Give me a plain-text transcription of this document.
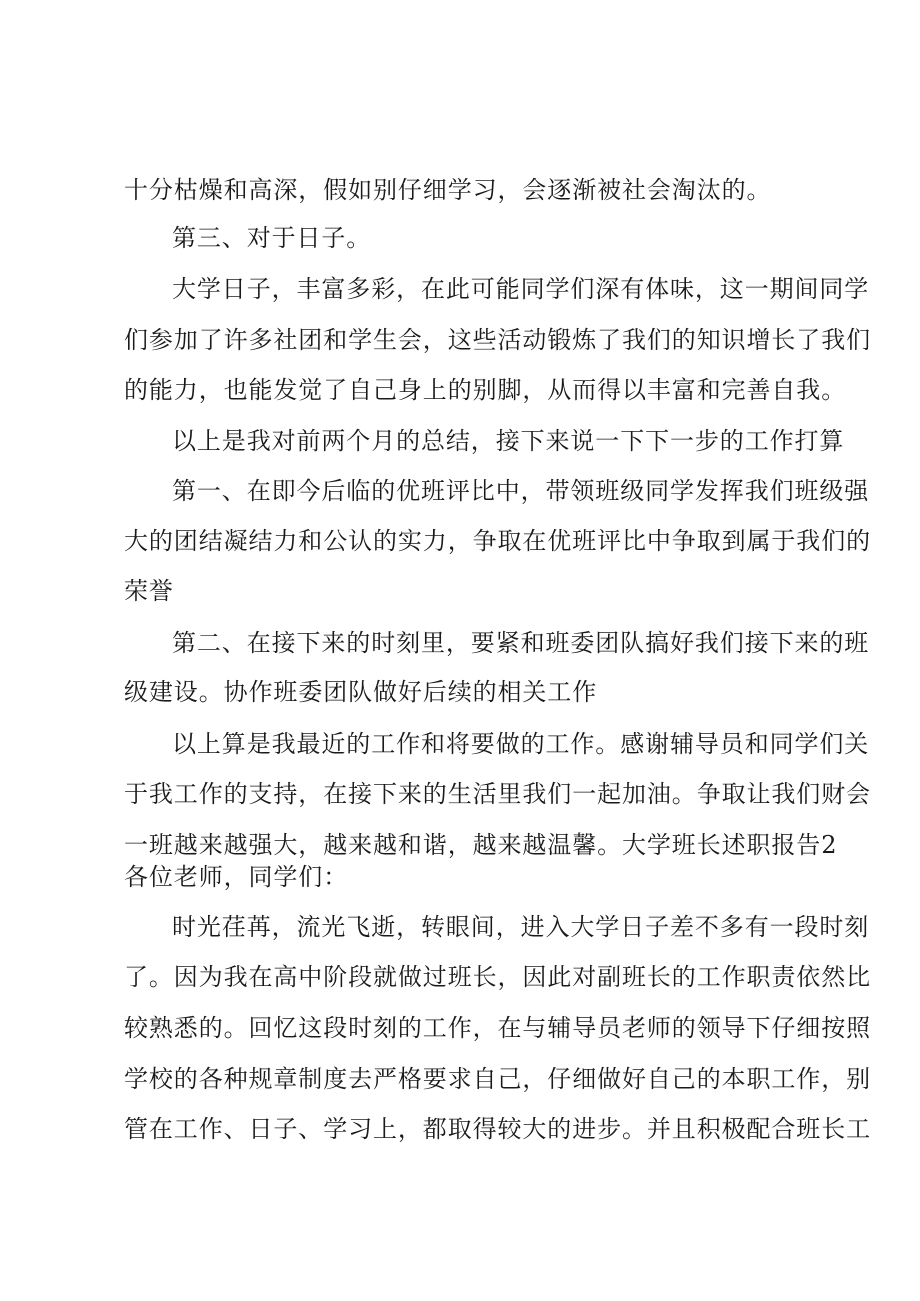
十分枯燥和高深，假如别仔细学习，会逐渐被社会淘汰的。
第三、对于日子。
大学日子，丰富多彩，在此可能同学们深有体味，这一期间同学
们参加了许多社团和学生会，这些活动锻炼了我们的知识增长了我们
的能力，也能发觉了自己身上的别脚，从而得以丰富和完善自我。
以上是我对前两个月的总结，接下来说一下下一步的工作打算
第一、在即今后临的优班评比中，带领班级同学发挥我们班级强
大的团结凝结力和公认的实力，争取在优班评比中争取到属于我们的
荣誉
第二、在接下来的时刻里，要紧和班委团队搞好我们接下来的班
级建设。协作班委团队做好后续的相关工作
以上算是我最近的工作和将要做的工作。感谢辅导员和同学们关
于我工作的支持，在接下来的生活里我们一起加油。争取让我们财会
一班越来越强大，越来越和谐，越来越温馨。大学班长述职报告2
各位老师，同学们：
时光荏苒，流光飞逝，转眼间，进入大学日子差不多有一段时刻
了。因为我在高中阶段就做过班长，因此对副班长的工作职责依然比
较熟悉的。回忆这段时刻的工作，在与辅导员老师的领导下仔细按照
学校的各种规章制度去严格要求自己，仔细做好自己的本职工作，别
管在工作、日子、学习上，都取得较大的进步。并且积极配合班长工
